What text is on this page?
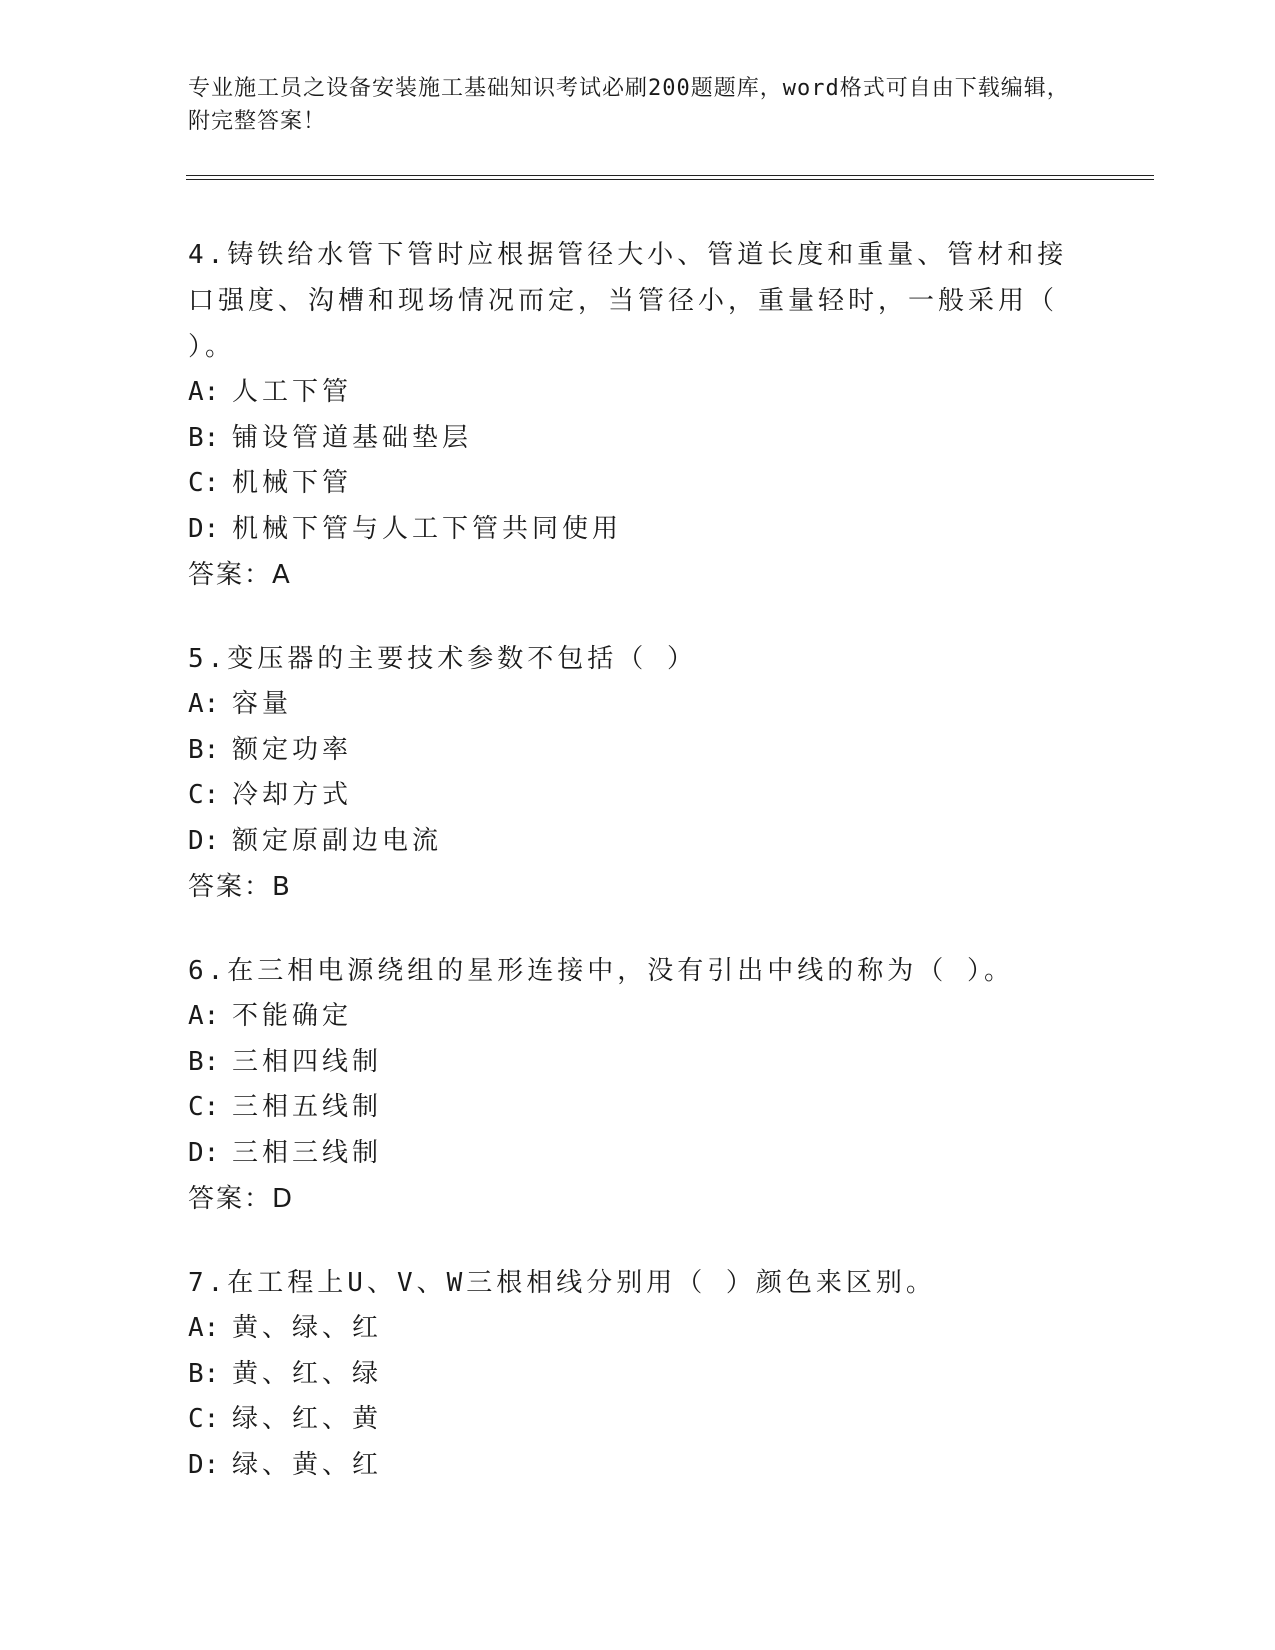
专业施工员之设备安装施工基础知识考试必刷200题题库，word格式可自由下载编辑，附完整答案！

4.铸铁给水管下管时应根据管径大小、管道长度和重量、管材和接口强度、沟槽和现场情况而定，当管径小，重量轻时，一般采用（ ）。

A: 人工下管
B: 铺设管道基础垫层
C: 机械下管
D: 机械下管与人工下管共同使用
答案：A

5.变压器的主要技术参数不包括（ ）

A: 容量
B: 额定功率
C: 冷却方式
D: 额定原副边电流
答案：B

6.在三相电源绕组的星形连接中，没有引出中线的称为（ ）。

A: 不能确定
B: 三相四线制
C: 三相五线制
D: 三相三线制
答案：D

7.在工程上U、V、W三根相线分别用（ ）颜色来区别。

A: 黄、绿、红
B: 黄、红、绿
C: 绿、红、黄
D: 绿、黄、红
